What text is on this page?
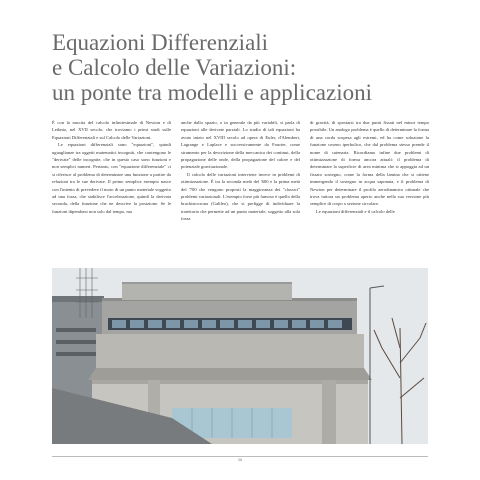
Equazioni Differenziali
e Calcolo delle Variazioni:
un ponte tra modelli e applicazioni

È con la nascita del calcolo infinitesimale di Newton e di Leibniz, nel XVII secolo, che troviamo i primi studi sulle Equazioni Differenziali e sul Calcolo delle Variazioni.

Le equazioni differenziali sono "equazioni", quindi uguaglianze tra oggetti matematici incogniti, che contengono le "derivate" delle incognite, che in questo caso sono funzioni e non semplici numeri. Pertanto, con "equazione differenziale" ci si riferisce al problema di determinare una funzione a partire da relazioni tra le sue derivate. Il primo semplice esempio nasce con l'intento di prevedere il moto di un punto materiale soggetto ad una forza, che stabilisce l'accelerazione, quindi la derivata seconda, della funzione che ne descrive la posizione. Se le funzioni dipendono non solo dal tempo, ma

anche dallo spazio, o in generale da più variabili, si parla di equazioni alle derivate parziali. Lo studio di tali equazioni ha avuto inizio nel XVIII secolo ad opera di Euler, d'Alembert, Lagrange e Laplace e successivamente da Fourier, come strumento per la descrizione della meccanica dei continui, della propagazione delle onde, della propagazione del calore e del potenziale gravitazionale.

Il calcolo delle variazioni interviene invece in problemi di ottimizzazione. È tra la seconda metà del '600 e la prima metà del '700 che vengono proposti la maggioranza dei "classici" problemi variazionali. L'esempio forse più famoso è quello della brachistocrona (Galileo), che si prefigge di individuare la traiettoria che permette ad un punto materiale, soggetto alla sola forza

di gravità, di spostarsi tra due punti fissati nel minor tempo possibile. Un analogo problema è quello di determinare la forma di una corda sospesa agli estremi, ed ha come soluzione la funzione coseno iperbolico, che dal problema stesso prende il nome di catenaria. Ricordiamo infine due problemi di ottimizzazione di forma ancora attuali: il problema di determinare la superficie di area minima che si appoggia ad un fissato sostegno, come la forma della lamina che si ottiene immergendo il sostegno in acqua saponata, e il problema di Newton per determinare il profilo aerodinamico ottimale che trova tuttora un problema aperto anche nella sua versione più semplice di corpo a sezione circolare.

Le equazioni differenziali e il calcolo delle

38
